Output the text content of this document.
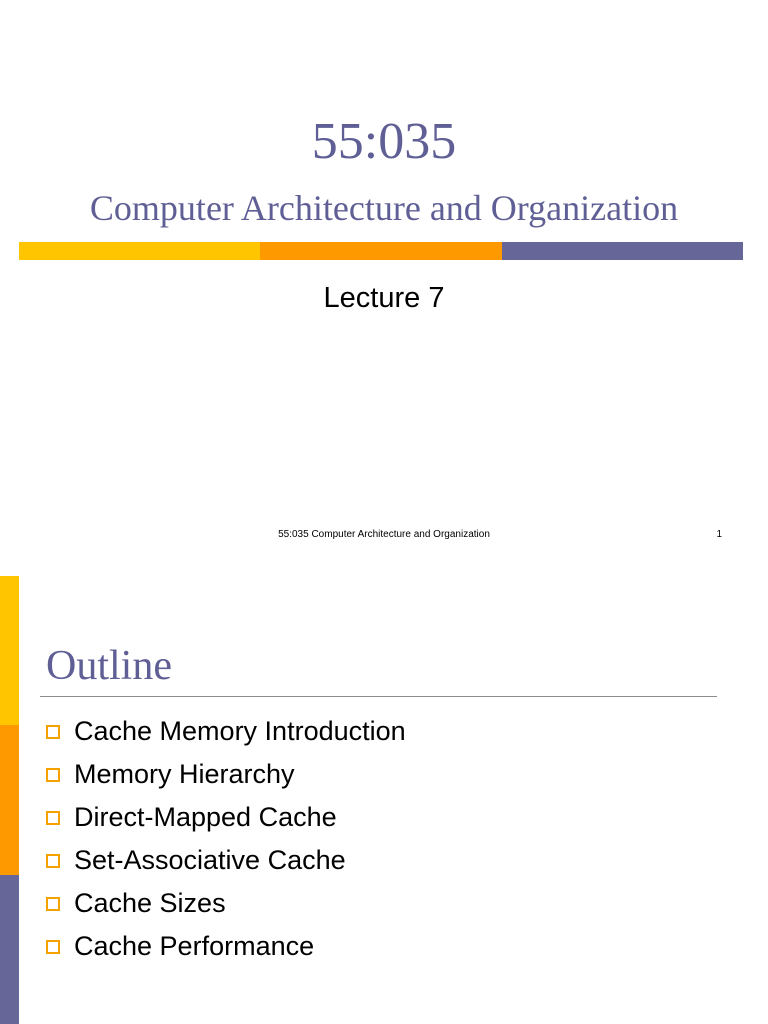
55:035
Computer Architecture and Organization
Lecture 7
55:035 Computer Architecture and Organization	1
Outline
Cache Memory Introduction
Memory Hierarchy
Direct-Mapped Cache
Set-Associative Cache
Cache Sizes
Cache Performance
